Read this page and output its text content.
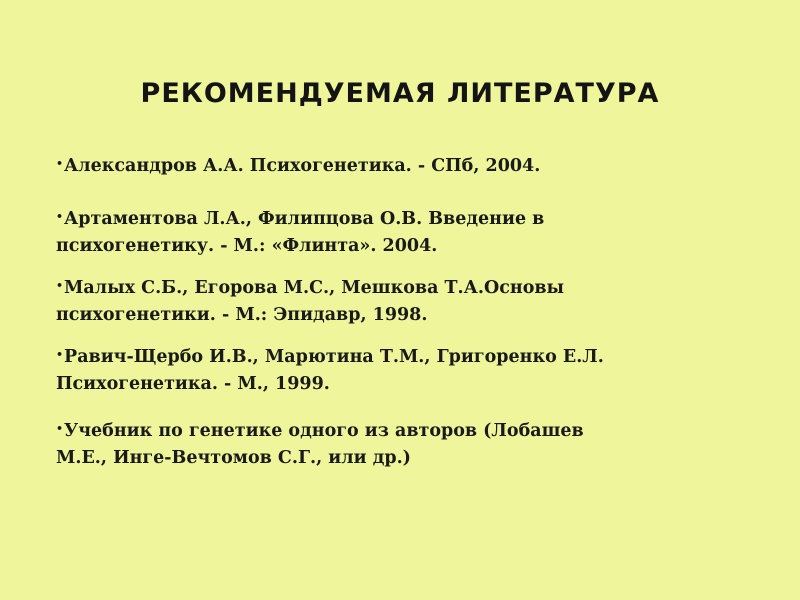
РЕКОМЕНДУЕМАЯ ЛИТЕРАТУРА
•Александров А.А. Психогенетика. - СПб, 2004.
•Артаментова Л.А., Филипцова О.В. Введение в
психогенетику. - М.: «Флинта». 2004.
•Малых С.Б., Егорова М.С., Мешкова Т.А.Основы
психогенетики. - М.: Эпидавр, 1998.
•Равич-Щербо И.В., Марютина Т.М., Григоренко Е.Л.
Психогенетика. - М., 1999.
•Учебник по генетике одного из авторов (Лобашев
М.Е., Инге-Вечтомов С.Г., или др.)
